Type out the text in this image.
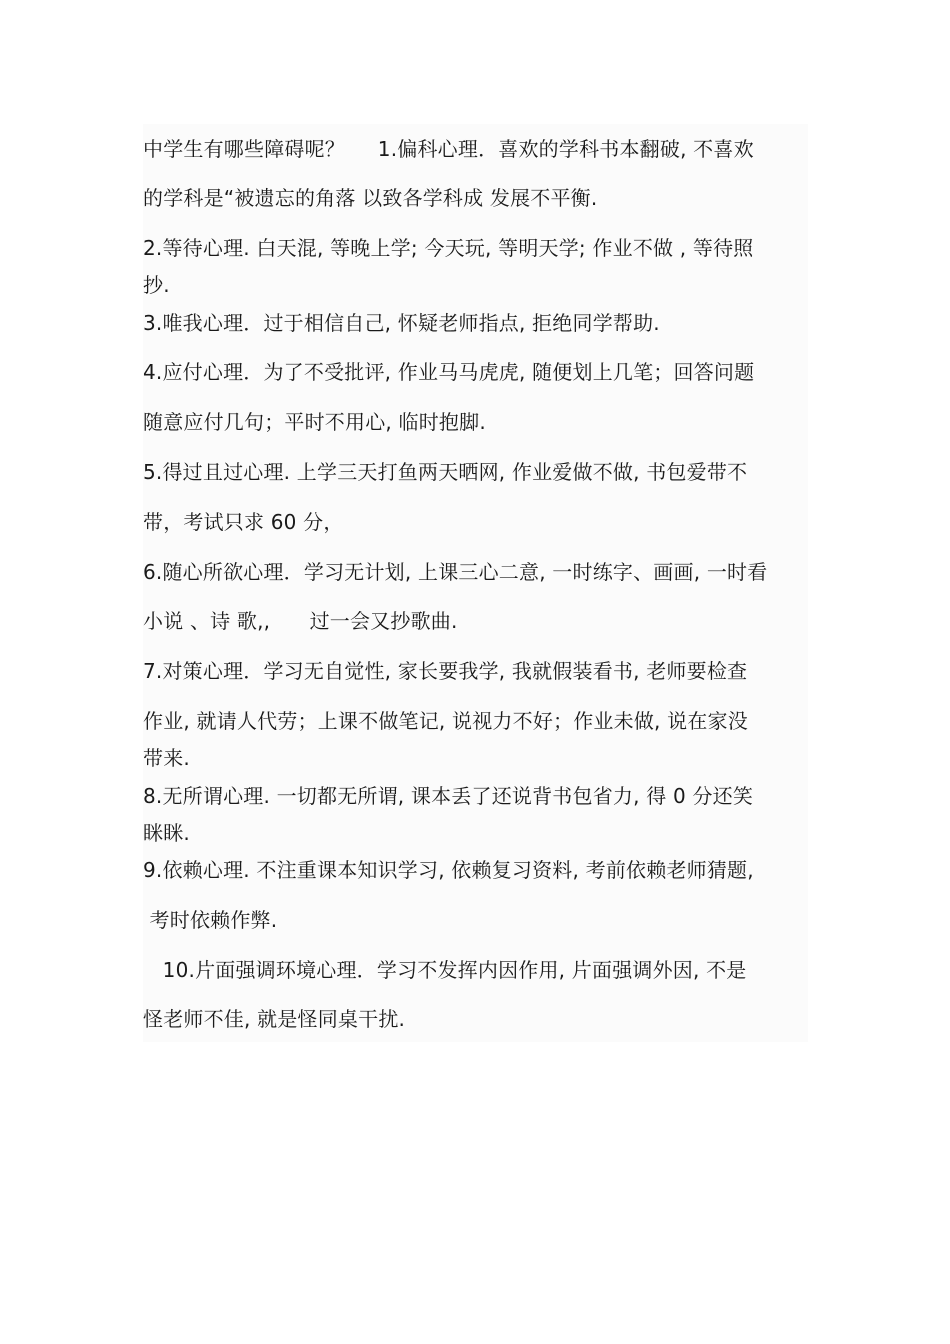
中学生有哪些障碍呢？     1.偏科心理．喜欢的学科书本翻破, 不喜欢
的学科是“被遗忘的角落 以致各学科成 发展不平衡.
2.等待心理. 白天混, 等晚上学; 今天玩, 等明天学; 作业不做 , 等待照
抄.
3.唯我心理．过于相信自己, 怀疑老师指点, 拒绝同学帮助.
4.应付心理．为了不受批评, 作业马马虎虎, 随便划上几笔；回答问题
随意应付几句；平时不用心, 临时抱脚.
5.得过且过心理. 上学三天打鱼两天晒网, 作业爱做不做, 书包爱带不
带，考试只求 60 分，
6.随心所欲心理．学习无计划, 上课三心二意, 一时练字、画画, 一时看
小说 、诗 歌,,      过一会又抄歌曲.
7.对策心理．学习无自觉性, 家长要我学, 我就假装看书, 老师要检查
作业, 就请人代劳；上课不做笔记, 说视力不好；作业未做, 说在家没
带来.
8.无所谓心理. 一切都无所谓, 课本丢了还说背书包省力, 得 0 分还笑
眯眯.
9.依赖心理. 不注重课本知识学习, 依赖复习资料, 考前依赖老师猜题,
考时依赖作弊.
10.片面强调环境心理．学习不发挥内因作用, 片面强调外因, 不是
怪老师不佳, 就是怪同桌干扰.
